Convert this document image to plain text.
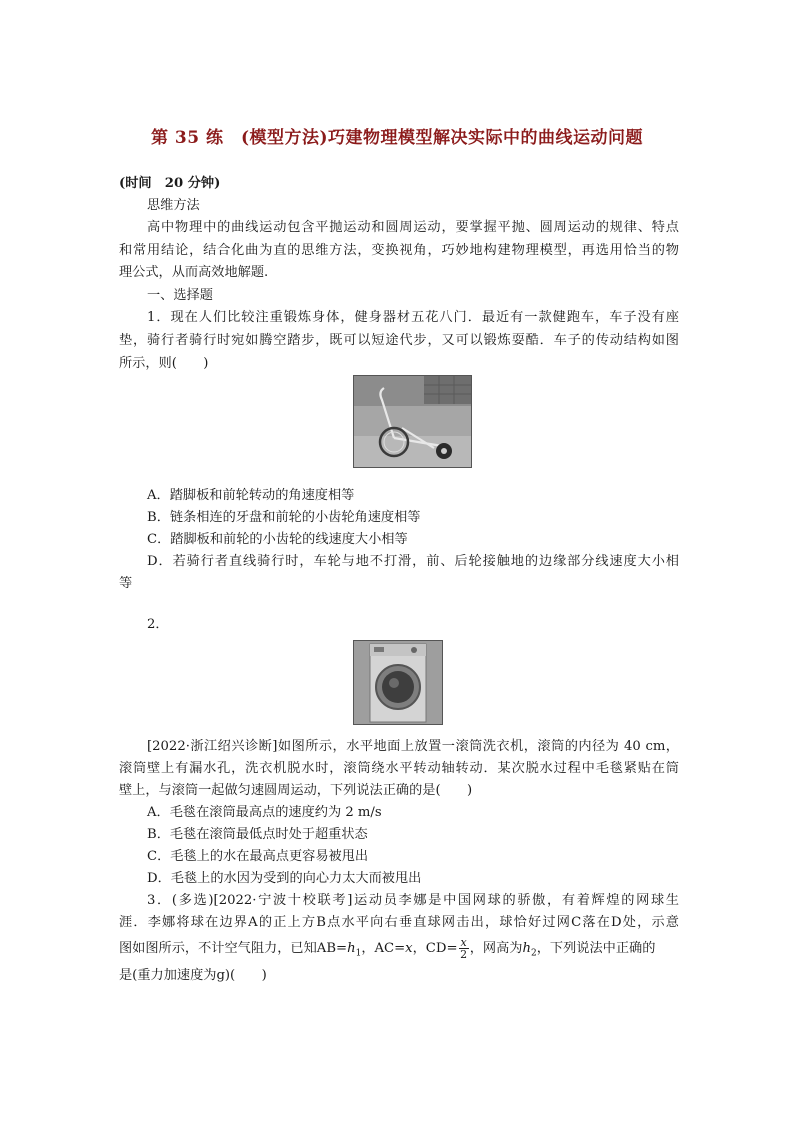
第 35 练　(模型方法)巧建物理模型解决实际中的曲线运动问题
(时间　20 分钟)
思维方法
高中物理中的曲线运动包含平抛运动和圆周运动，要掌握平抛、圆周运动的规律、特点
和常用结论，结合化曲为直的思维方法，变换视角，巧妙地构建物理模型，再选用恰当的物
理公式，从而高效地解题.
一、选择题
1．现在人们比较注重锻炼身体，健身器材五花八门．最近有一款健跑车，车子没有座
垫，骑行者骑行时宛如腾空踏步，既可以短途代步，又可以锻炼耍酷．车子的传动结构如图
所示，则(　　)
A．踏脚板和前轮转动的角速度相等
B．链条相连的牙盘和前轮的小齿轮角速度相等
C．踏脚板和前轮的小齿轮的线速度大小相等
D．若骑行者直线骑行时，车轮与地不打滑，前、后轮接触地的边缘部分线速度大小相
等
2．
[2022·浙江绍兴诊断]如图所示，水平地面上放置一滚筒洗衣机，滚筒的内径为 40 cm，
滚筒壁上有漏水孔，洗衣机脱水时，滚筒绕水平转动轴转动．某次脱水过程中毛毯紧贴在筒
壁上，与滚筒一起做匀速圆周运动，下列说法正确的是(　　)
A．毛毯在滚筒最高点的速度约为 2 m/s
B．毛毯在滚筒最低点时处于超重状态
C．毛毯上的水在最高点更容易被甩出
D．毛毯上的水因为受到的向心力太大而被甩出
3．(多选)[2022·宁波十校联考]运动员李娜是中国网球的骄傲，有着辉煌的网球生
涯．李娜将球在边界A的正上方B点水平向右垂直球网击出，球恰好过网C落在D处，示意
图如图所示，不计空气阻力，已知$AB=h_1$，AC=x，$CD= \frac{x}{2}$ ，网高为$h_2$，下列说法中正确的
是(重力加速度为g)(　　)
